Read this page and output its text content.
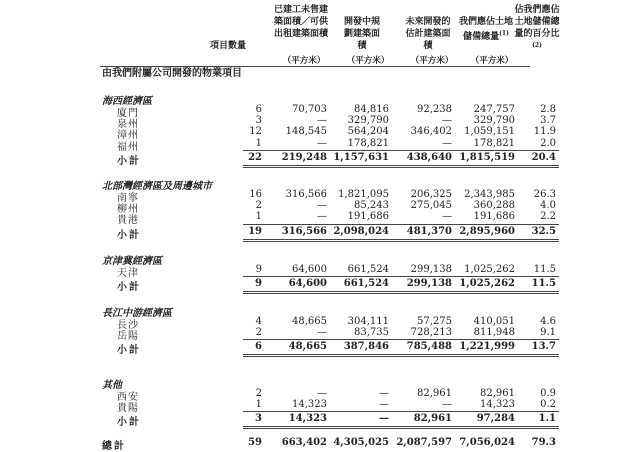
項目數量
已建工未售建築面積／可供出租建築面積
開發中規劃建築面積
未來開發的估計建築面積
我們應佔土地儲備總量$^{(1)}$
佔我們應佔土地儲備總量的百分比$^{(2)}$
（平方米）	（平方米）	（平方米）	（平方米）
由我們附屬公司開發的物業項目
海西經濟區
廈門	6	70,703	84,816	92,238 247,757	2.8
泉州	3	— 329,790	— 329,790	3.7
漳州	12 148,545 564,204 346,402 1,059,151 11.9
福州	1	— 178,821	— 178,821	2.0
小計	22 219,248 1,157,631 438,640 1,815,519 20.4
北部灣經濟區及周邊城市
南寧	16 316,566 1,821,095 206,325 2,343,985 26.3
柳州	2	—	85,243 275,045 360,288	4.0
貴港	1	— 191,686	— 191,686	2.2
小計	19 316,566 2,098,024 481,370 2,895,960 32.5
京津冀經濟區
天津	9	64,600 661,524 299,138 1,025,262 11.5
小計	9	64,600 661,524 299,138 1,025,262 11.5
長江中游經濟區
長沙	4	48,665 304,111	57,275 410,051	4.6
岳陽	2	—	83,735 728,213 811,948	9.1
小計	6	48,665 387,846 785,488 1,221,999 13.7
其他
西安	2	—	—	82,961	82,961	0.9
貴陽	1	14,323	—	—	14,323	0.2
小計	3	14,323	— 82,961 97,284 1.1
總計	59 663,402 4,305,025 2,087,597 7,056,024 79.3
